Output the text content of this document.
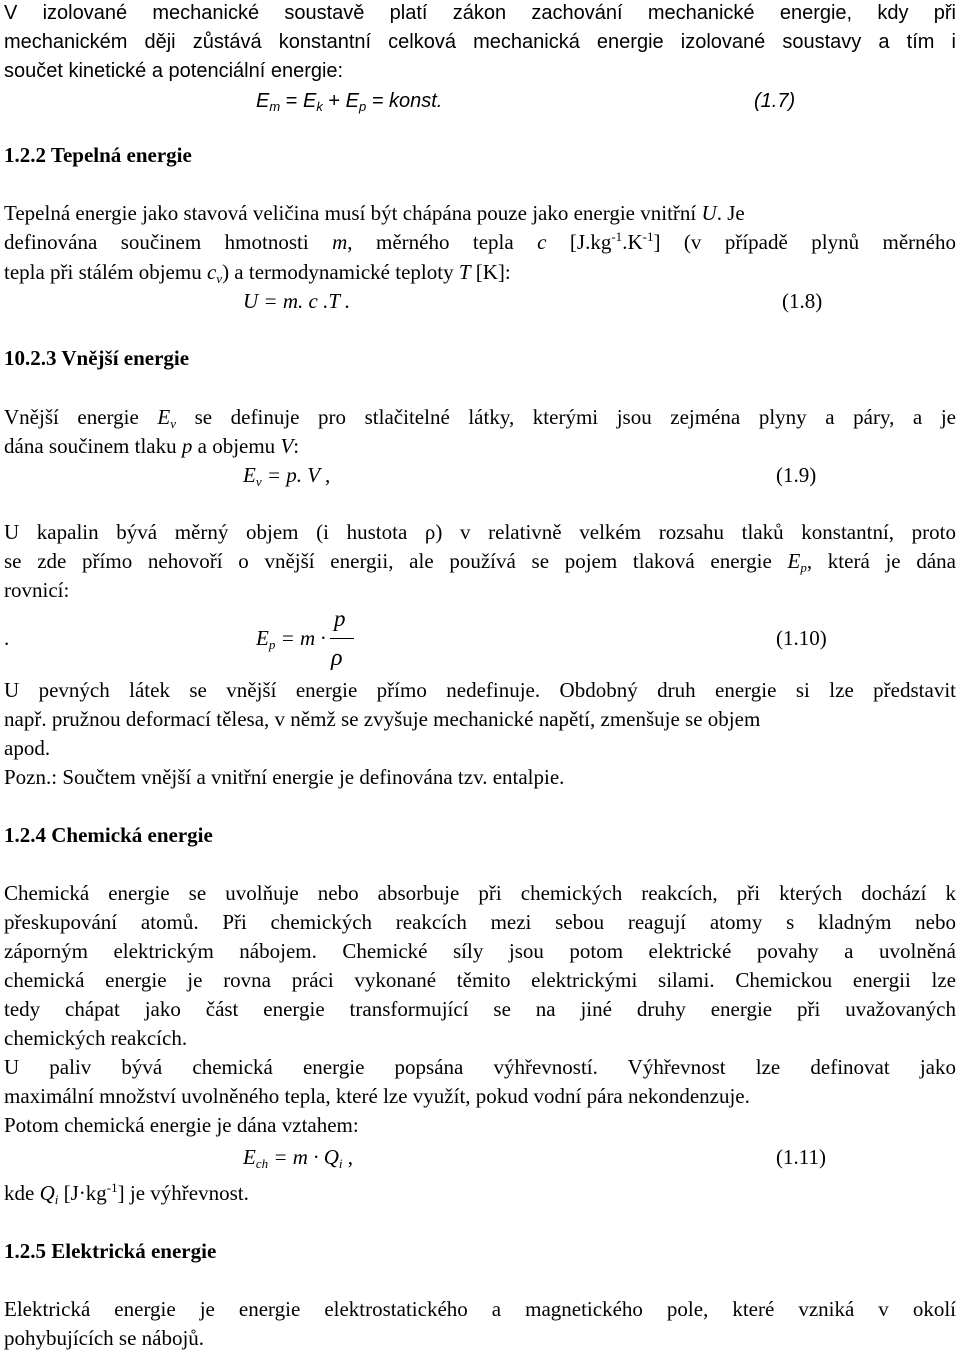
V izolované mechanické soustavě platí zákon zachování mechanické energie, kdy při
mechanickém ději zůstává konstantní celková mechanická energie izolované soustavy a tím i
součet kinetické a potenciální energie:
$E_m = E_k + E_p$ = konst.	(1.7)
1.2.2 Tepelná energie
Tepelná energie jako stavová veličina musí být chápána pouze jako energie vnitřní U. Je
definována součinem hmotnosti m, měrného tepla c $[J.kg^{-1}.K^{-1}]$ (v případě plynů měrného
tepla při stálém objemu $c_v$) a termodynamické teploty T [K]:
U = m. c .T .	(1.8)
10.2.3 Vnější energie
Vnější energie $E_v$ se definuje pro stlačitelné látky, kterými jsou zejména plyny a páry, a je
dána součinem tlaku p a objemu V:
$E_v = p$. V ,	(1.9)
U kapalin bývá měrný objem (i hustota ρ) v relativně velkém rozsahu tlaků konstantní, proto
se zde přímo nehovoří o vnější energii, ale používá se pojem tlaková energie $E_p$, která je dána
rovnicí:
.	$E_p = m$ ·
p
ρ
(1.10)
U pevných látek se vnější energie přímo nedefinuje. Obdobný druh energie si lze představit
např. pružnou deformací tělesa, v němž se zvyšuje mechanické napětí, zmenšuje se objem
apod.
Pozn.: Součtem vnější a vnitřní energie je definována tzv. entalpie.
1.2.4 Chemická energie
Chemická energie se uvolňuje nebo absorbuje při chemických reakcích, při kterých dochází k
přeskupování atomů. Při chemických reakcích mezi sebou reagují atomy s kladným nebo
záporným elektrickým nábojem. Chemické síly jsou potom elektrické povahy a uvolněná
chemická energie je rovna práci vykonané těmito elektrickými silami. Chemickou energii lze
tedy chápat jako část energie transformující se na jiné druhy energie při uvažovaných
chemických reakcích.
U paliv bývá chemická energie popsána výhřevností. Výhřevnost lze definovat jako
maximální množství uvolněného tepla, které lze využít, pokud vodní pára nekondenzuje.
Potom chemická energie je dána vztahem:
$E_{ch} = m \cdot Q_i$ ,	(1.11)
kde $Q_i$ $[J\cdot kg^{-1}]$ je výhřevnost.
1.2.5 Elektrická energie
Elektrická energie je energie elektrostatického a magnetického pole, které vzniká v okolí
pohybujících se nábojů.
